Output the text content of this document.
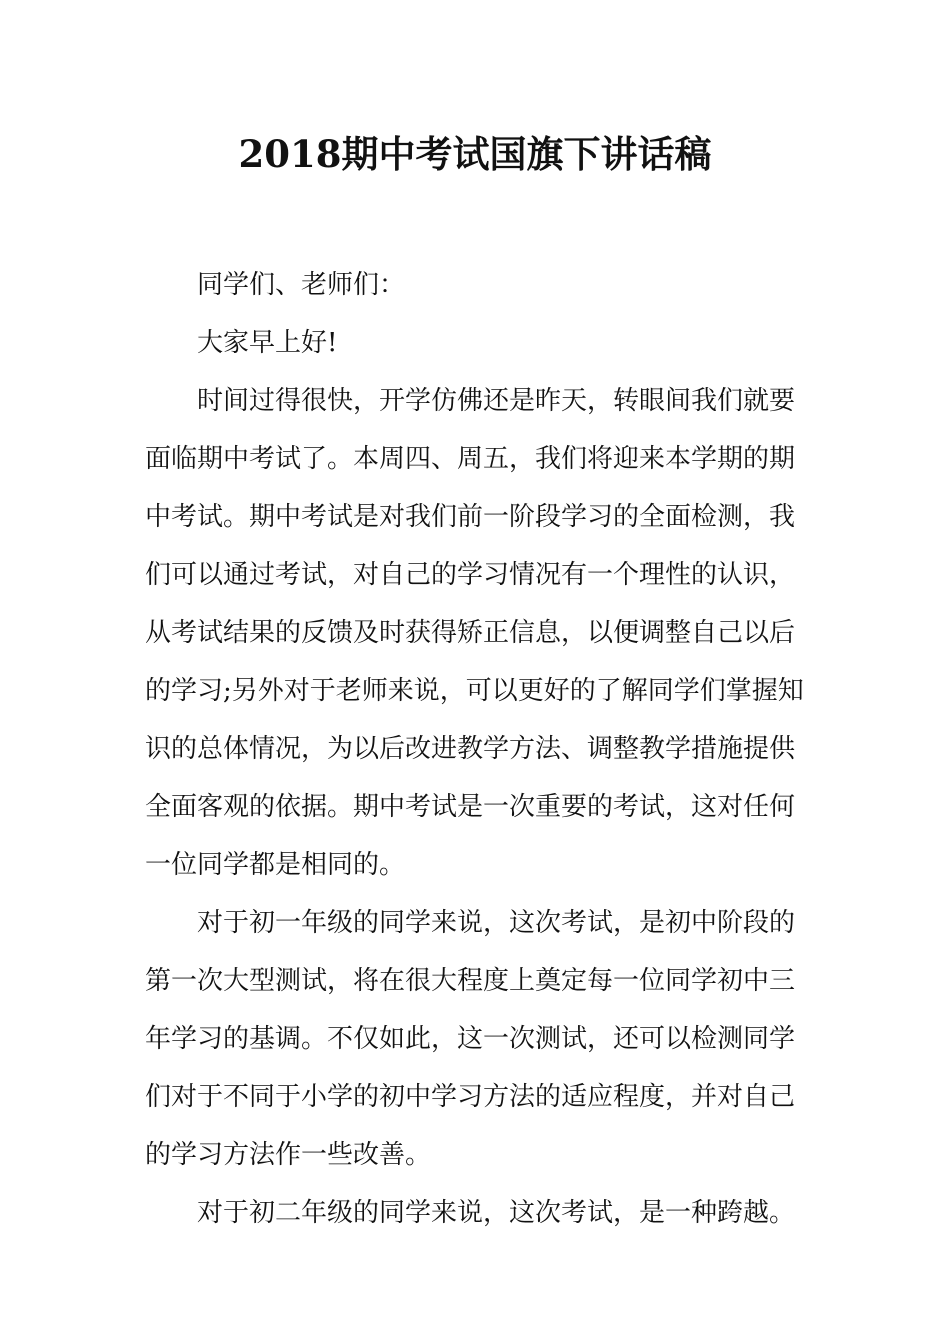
2018期中考试国旗下讲话稿
同学们、老师们：
大家早上好!
时间过得很快，开学仿佛还是昨天，转眼间我们就要
面临期中考试了。本周四、周五，我们将迎来本学期的期
中考试。期中考试是对我们前一阶段学习的全面检测，我
们可以通过考试，对自己的学习情况有一个理性的认识，
从考试结果的反馈及时获得矫正信息，以便调整自己以后
的学习;另外对于老师来说，可以更好的了解同学们掌握知
识的总体情况，为以后改进教学方法、调整教学措施提供
全面客观的依据。期中考试是一次重要的考试，这对任何
一位同学都是相同的。
对于初一年级的同学来说，这次考试，是初中阶段的
第一次大型测试，将在很大程度上奠定每一位同学初中三
年学习的基调。不仅如此，这一次测试，还可以检测同学
们对于不同于小学的初中学习方法的适应程度，并对自己
的学习方法作一些改善。
对于初二年级的同学来说，这次考试，是一种跨越。
